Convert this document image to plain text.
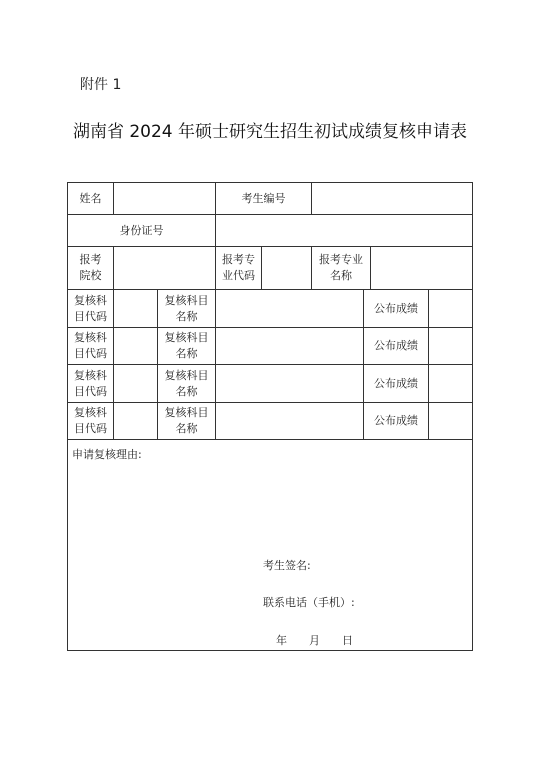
附件 1
湖南省 2024 年硕士研究生招生初试成绩复核申请表
姓名	考生编号
身份证号
报考
院校
报考专
业代码
报考专业
名称
复核科
目代码
复核科目
名称
公布成绩
复核科
目代码
复核科目
名称
公布成绩
复核科
目代码
复核科目
名称
公布成绩
复核科
目代码
复核科目
名称
公布成绩
申请复核理由:
考生签名:
联系电话（手机）:
年　　月　　日
